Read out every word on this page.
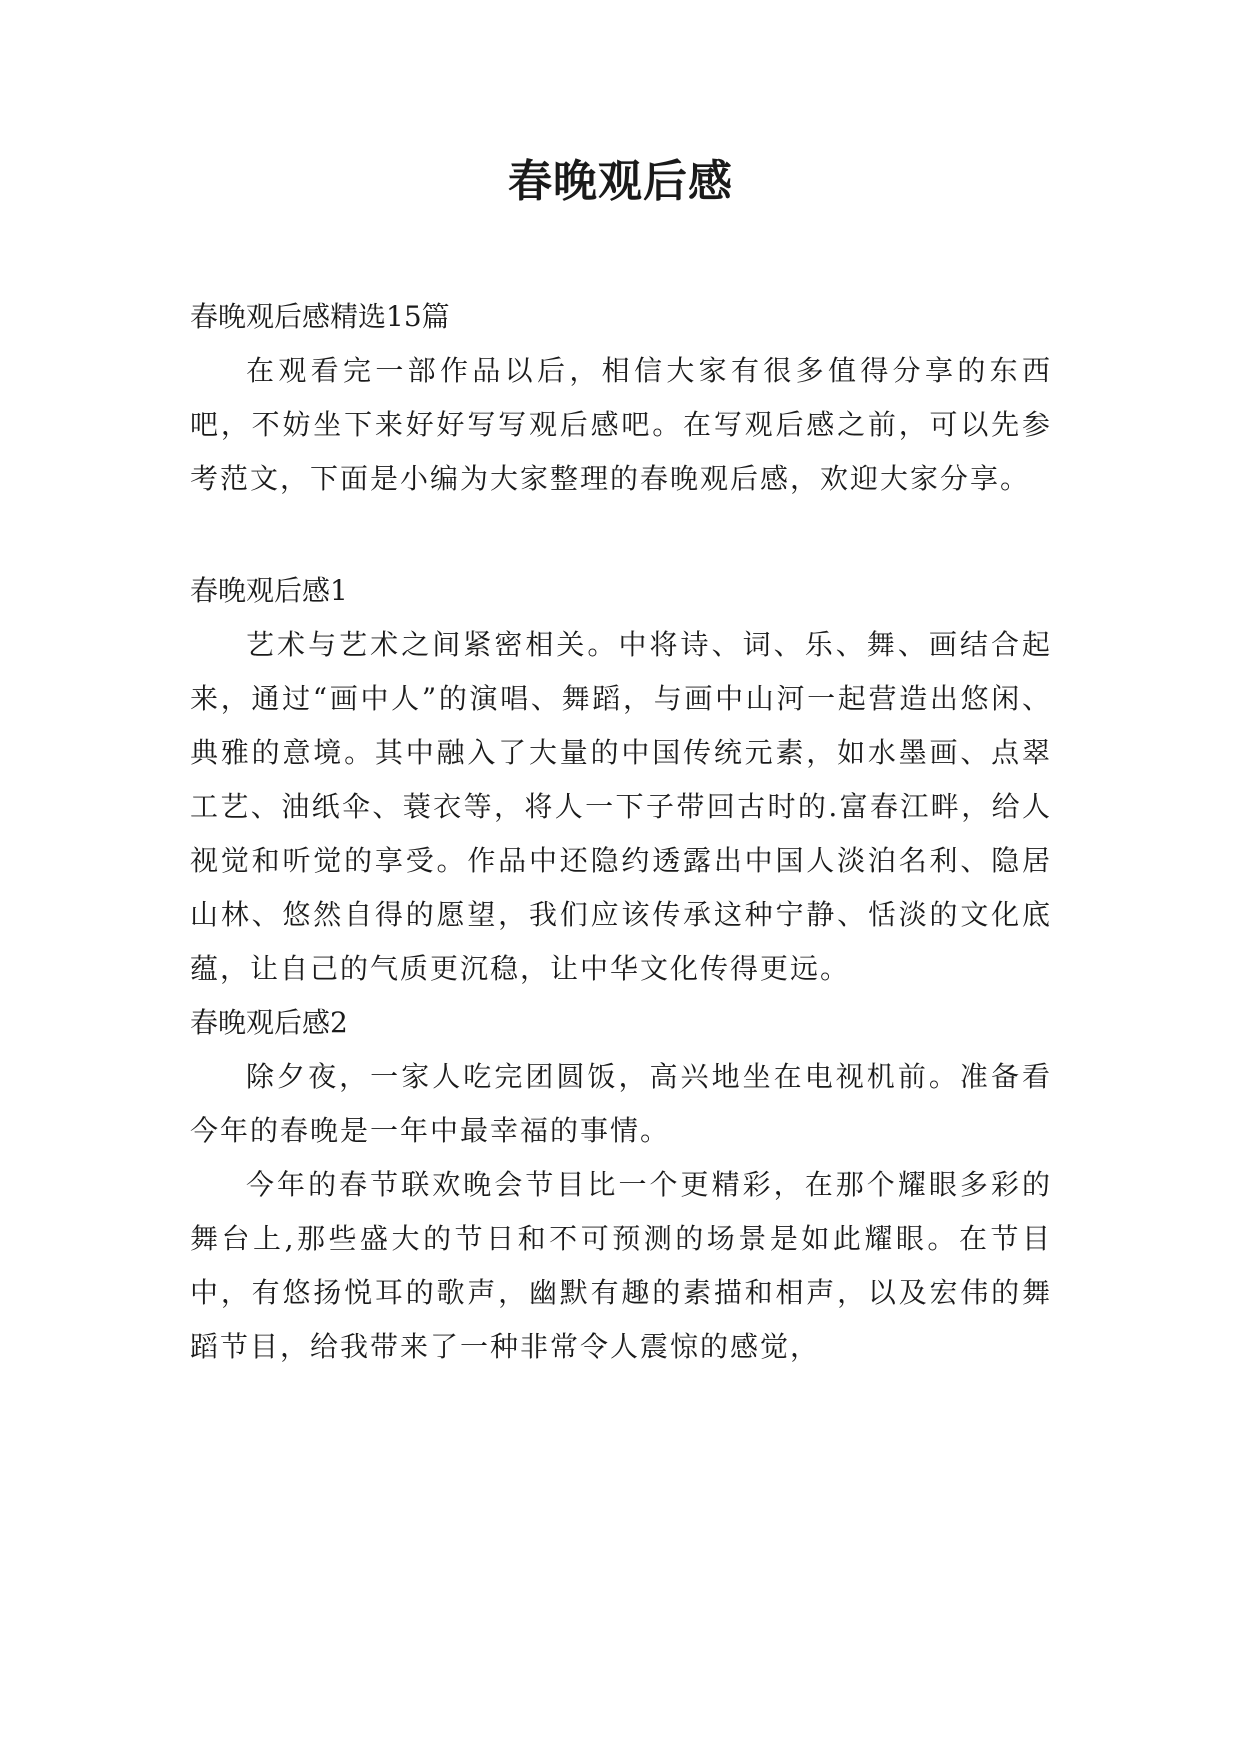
春晚观后感

春晚观后感精选15篇

在观看完一部作品以后，相信大家有很多值得分享的东西吧，不妨坐下来好好写写观后感吧。在写观后感之前，可以先参考范文，下面是小编为大家整理的春晚观后感，欢迎大家分享。

春晚观后感1

艺术与艺术之间紧密相关。中将诗、词、乐、舞、画结合起来，通过“画中人”的演唱、舞蹈，与画中山河一起营造出悠闲、典雅的意境。其中融入了大量的中国传统元素，如水墨画、点翠工艺、油纸伞、蓑衣等，将人一下子带回古时的.富春江畔，给人视觉和听觉的享受。作品中还隐约透露出中国人淡泊名利、隐居山林、悠然自得的愿望，我们应该传承这种宁静、恬淡的文化底蕴，让自己的气质更沉稳，让中华文化传得更远。

春晚观后感2

除夕夜，一家人吃完团圆饭，高兴地坐在电视机前。准备看今年的春晚是一年中最幸福的事情。

今年的春节联欢晚会节目比一个更精彩，在那个耀眼多彩的舞台上,那些盛大的节日和不可预测的场景是如此耀眼。在节目中，有悠扬悦耳的歌声，幽默有趣的素描和相声，以及宏伟的舞蹈节目，给我带来了一种非常令人震惊的感觉，
